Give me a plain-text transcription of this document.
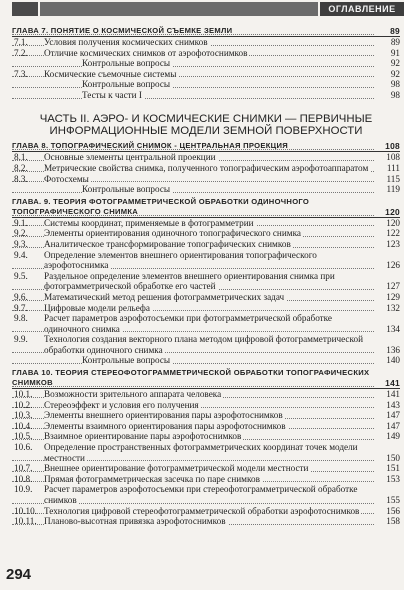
ОГЛАВЛЕНИЕ
ГЛАВА 7. ПОНЯТИЕ О КОСМИЧЕСКОЙ СЪЕМКЕ ЗЕМЛИ	89
7.1.	Условия получения космических снимков	89
7.2.	Отличие космических снимков от аэрофотоснимков	91
Контрольные вопросы	92
7.3.	Космические съемочные системы	92
Контрольные вопросы	98
Тесты к части I	98
ЧАСТЬ II. АЭРО- И КОСМИЧЕСКИЕ СНИМКИ — ПЕРВИЧНЫЕ ИНФОРМАЦИОННЫЕ МОДЕЛИ ЗЕМНОЙ ПОВЕРХНОСТИ
ГЛАВА 8. ТОПОГРАФИЧЕСКИЙ СНИМОК - ЦЕНТРАЛЬНАЯ ПРОЕКЦИЯ	108
8.1.	Основные элементы центральной проекции	108
8.2.	Метрические свойства снимка, полученного топографическим аэрофотоаппаратом	111
8.3.	Фотосхемы	115
Контрольные вопросы	119
ГЛАВА. 9. ТЕОРИЯ ФОТОГРАММЕТРИЧЕСКОЙ ОБРАБОТКИ ОДИНОЧНОГО ТОПОГРАФИЧЕСКОГО СНИМКА	120
9.1.	Системы координат, применяемые в фотограмметрии	120
9.2.	Элементы ориентирования одиночного топографического снимка	122
9.3.	Аналитическое трансформирование топографических снимков	123
9.4.	Определение элементов внешнего ориентирования топографического аэрофотоснимка	126
9.5.	Раздельное определение элементов внешнего ориентирования снимка при фотограмметрической обработке его частей	127
9.6.	Математический метод решения фотограмметрических задач	129
9.7.	Цифровые модели рельефа	132
9.8.	Расчет параметров аэрофотосъемки при фотограмметрической обработке одиночного снимка	134
9.9.	Технология создания векторного плана методом цифровой фотограмметрической обработки одиночного снимка	136
Контрольные вопросы	140
ГЛАВА 10. ТЕОРИЯ СТЕРЕОФОТОГРАММЕТРИЧЕСКОЙ ОБРАБОТКИ ТОПОГРАФИЧЕСКИХ СНИМКОВ	141
10.1.	Возможности зрительного аппарата человека	141
10.2.	Стереоэффект и условия его получения	143
10.3.	Элементы внешнего ориентирования пары аэрофотоснимков	147
10.4.	Элементы взаимного ориентирования пары аэрофотоснимков	147
10.5.	Взаимное ориентирование пары аэрофотоснимков	149
10.6.	Определение пространственных фотограмметрических координат точек модели местности	150
10.7.	Внешнее ориентирование фотограмметрической модели местности	151
10.8.	Прямая фотограмметрическая засечка по паре снимков	153
10.9.	Расчет параметров аэрофотосъемки при стереофотограмметрической обработке снимков	155
10.10. Технология цифровой стереофотограмметрической обработки аэрофотоснимков	156
10.11. Планово-высотная привязка аэрофотоснимков	158
294
